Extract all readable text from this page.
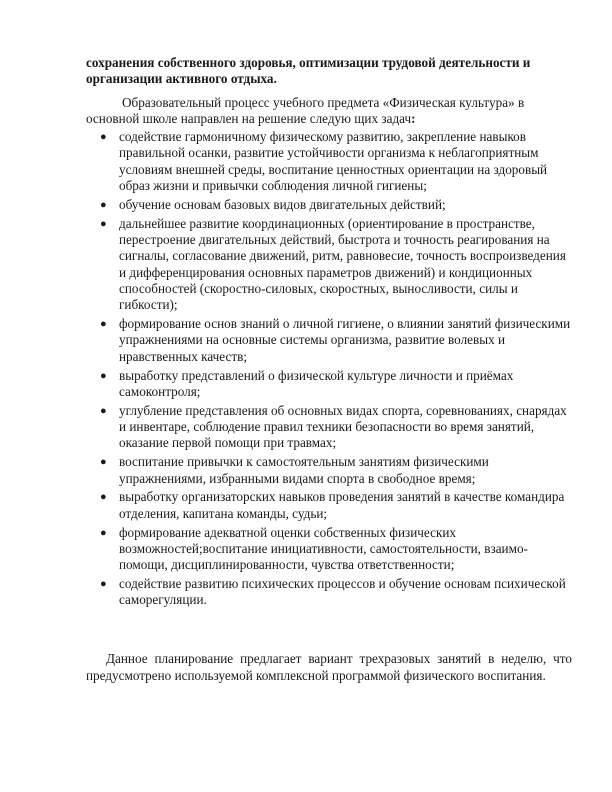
сохранения собственного здоровья, оптимизации трудовой деятельности и организации активного отдыха.

Образовательный процесс учебного предмета «Физическая культура» в основной школе направлен на решение следую щих задач:

● содействие гармоничному физическому развитию, закрепление навыков правильной осанки, развитие устойчивости организма к неблагоприятным условиям внешней среды, воспитание ценностных ориентации на здоровый образ жизни и привычки соблюдения личной гигиены;
● обучение основам базовых видов двигательных действий;
● дальнейшее развитие координационных (ориентирование в пространстве, перестроение двигательных действий, быстрота и точность реагирования на сигналы, согласование движений, ритм, равновесие, точность воспроизведения и дифференцирования основных параметров движений) и кондиционных способностей (скоростно-силовых, скоростных, выносливости, силы и гибкости);
● формирование основ знаний о личной гигиене, о влиянии занятий физическими упражнениями на основные системы организма, развитие волевых и нравственных качеств;
● выработку представлений о физической культуре личности и приёмах самоконтроля;
● углубление представления об основных видах спорта, соревнованиях, снарядах и инвентаре, соблюдение правил техники безопасности во время занятий, оказание первой помощи при травмах;
● воспитание привычки к самостоятельным занятиям физическими упражнениями, избранными видами спорта в свободное время;
● выработку организаторских навыков проведения занятий в качестве командира отделения, капитана команды, судьи;
● формирование адекватной оценки собственных физических возможностей;воспитание инициативности, самостоятельности, взаимо-помощи, дисциплинированности, чувства ответственности;
● содействие развитию психических процессов и обучение основам психической саморегуляции.

Данное планирование предлагает вариант трехразовых занятий в неделю, что предусмотрено используемой комплексной программой физического воспитания.
